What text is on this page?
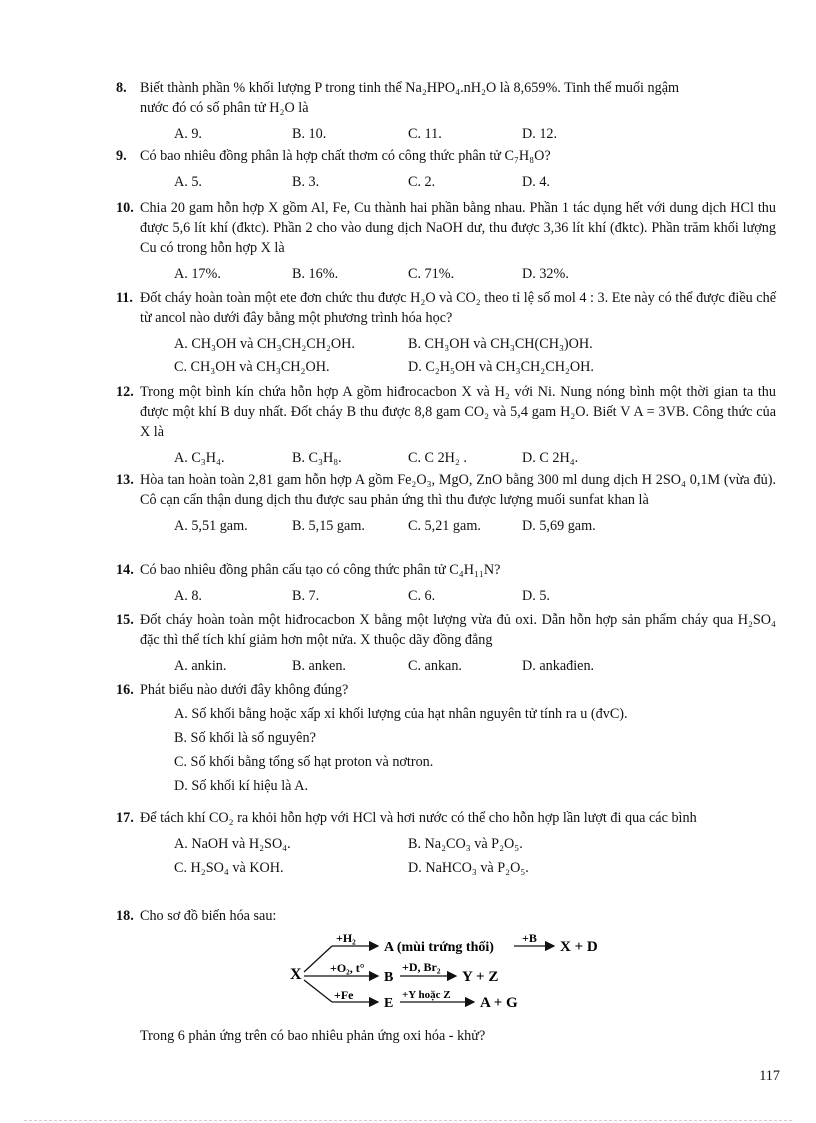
8. Biết thành phần % khối lượng P trong tinh thể Na₂HPO₄.nH₂O là 8,659%. Tinh thể muối ngậm
nước đó có số phân tử H₂O là
A. 9.	B. 10.	C. 11.	D. 12.
9. Có bao nhiêu đồng phân là hợp chất thơm có công thức phân tử C₇H₈O?
A. 5.	B. 3.	C. 2.	D. 4.
10. Chia 20 gam hỗn hợp X gồm Al, Fe, Cu thành hai phần bằng nhau. Phần 1 tác dụng hết với dung dịch HCl thu được 5,6 lít khí (đktc). Phần 2 cho vào dung dịch NaOH dư, thu được 3,36 lít khí (đktc). Phần trăm khối lượng Cu có trong hỗn hợp X là
A. 17%.	B. 16%.	C. 71%.	D. 32%.
11. Đốt cháy hoàn toàn một ete đơn chức thu được H₂O và CO₂ theo tỉ lệ số mol 4 : 3. Ete này có thể được điều chế từ ancol nào dưới đây bằng một phương trình hóa học?
A. CH₃OH và CH₃CH₂CH₂OH.	B. CH₃OH và CH₃CH(CH₃)OH.
C. CH₃OH và CH₃CH₂OH.	D. C₂H₅OH và CH₃CH₂CH₂OH.
12. Trong một bình kín chứa hỗn hợp A gồm hiđrocacbon X và H₂ với Ni. Nung nóng bình một thời gian ta thu được một khí B duy nhất. Đốt cháy B thu được 8,8 gam CO₂ và 5,4 gam H₂O. Biết V A = 3VB. Công thức của X là
A. C₃H₄.	B. C₃H₈.	C. C 2H₂ .	D. C 2H₄.
13. Hòa tan hoàn toàn 2,81 gam hỗn hợp A gồm Fe₂O₃, MgO, ZnO bằng 300 ml dung dịch H 2SO₄ 0,1M (vừa đủ). Cô cạn cẩn thận dung dịch thu được sau phản ứng thì thu được lượng muối sunfat khan là
A. 5,51 gam.	B. 5,15 gam.	C. 5,21 gam.	D. 5,69 gam.
14. Có bao nhiêu đồng phân cấu tạo có công thức phân tử C₄H₁₁N?
A. 8.	B. 7.	C. 6.	D. 5.
15. Đốt cháy hoàn toàn một hiđrocacbon X bằng một lượng vừa đủ oxi. Dẫn hỗn hợp sản phẩm cháy qua H₂SO₄ đặc thì thể tích khí giảm hơn một nửa. X thuộc dãy đồng đẳng
A. ankin.	B. anken.	C. ankan.	D. ankađien.
16. Phát biểu nào dưới đây không đúng?
A. Số khối bằng hoặc xấp xỉ khối lượng của hạt nhân nguyên tử tính ra u (đvC).
B. Số khối là số nguyên?
C. Số khối bằng tổng số hạt proton và nơtron.
D. Số khối kí hiệu là A.
17. Để tách khí CO₂ ra khỏi hỗn hợp với HCl và hơi nước có thể cho hỗn hợp lần lượt đi qua các bình
A. NaOH và H₂SO₄.	B. Na₂CO₃ và P₂O₅.
C. H₂SO₄ và KOH.	D. NaHCO₃ và P₂O₅.
18. Cho sơ đồ biến hóa sau:
X
+H₂
+O₂, t°
+Fe
A (mùi trứng thối)
B
E
+B
X + D
+D, Br₂
Y + Z
+Y hoặc Z A + G
Trong 6 phản ứng trên có bao nhiêu phản ứng oxi hóa - khử?
117
